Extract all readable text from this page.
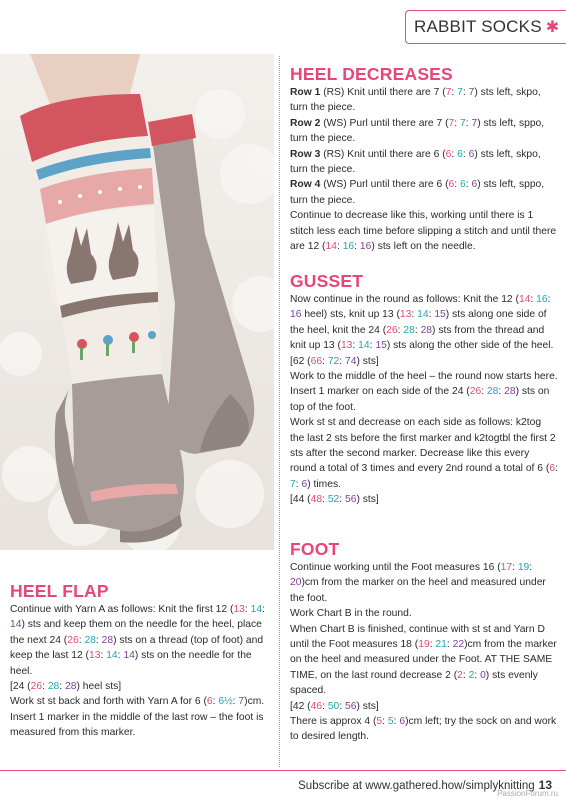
RABBIT SOCKS ✱
HEEL DECREASES

Row 1 (RS) Knit until there are 7 (7: 7: 7) sts left, skpo, turn the piece.

Row 2 (WS) Purl until there are 7 (7: 7: 7) sts left, sppo, turn the piece.

Row 3 (RS) Knit until there are 6 (6: 6: 6) sts left, skpo, turn the piece.

Row 4 (WS) Purl until there are 6 (6: 6: 6) sts left, sppo, turn the piece.

Continue to decrease like this, working until there is 1 stitch less each time before slipping a stitch and until there are 12 (14: 16: 16) sts left on the needle.

GUSSET

Now continue in the round as follows: Knit the 12 (14: 16: 16 heel) sts, knit up 13 (13: 14: 15) sts along one side of the heel, knit the 24 (26: 28: 28) sts from the thread and knit up 13 (13: 14: 15) sts along the other side of the heel.

[62 (66: 72: 74) sts]

Work to the middle of the heel – the round now starts here.

Insert 1 marker on each side of the 24 (26: 28: 28) sts on top of the foot.

Work st st and decrease on each side as follows: k2tog the last 2 sts before the first marker and k2togtbl the first 2 sts after the second marker. Decrease like this every round a total of 3 times and every 2nd round a total of 6 (6: 7: 6) times.

[44 (48: 52: 56) sts]

FOOT

Continue working until the Foot measures 16 (17: 19: 20)cm from the marker on the heel and measured under the foot.

Work Chart B in the round.

When Chart B is finished, continue with st st and Yarn D until the Foot measures 18 (19: 21: 22)cm from the marker on the heel and measured under the Foot. AT THE SAME TIME, on the last round decrease 2 (2: 2: 0) sts evenly spaced.

[42 (46: 50: 56) sts]

There is approx 4 (5: 5: 6)cm left; try the sock on and work to desired length.

HEEL FLAP

Continue with Yarn A as follows: Knit the first 12 (13: 14: 14) sts and keep them on the needle for the heel, place the next 24 (26: 28: 28) sts on a thread (top of foot) and keep the last 12 (13: 14: 14) sts on the needle for the heel.

[24 (26: 28: 28) heel sts]

Work st st back and forth with Yarn A for 6 (6: 6½: 7)cm. Insert 1 marker in the middle of the last row – the foot is measured from this marker.

Subscribe at www.gathered.how/simplyknitting 13
PassionForum.ru
